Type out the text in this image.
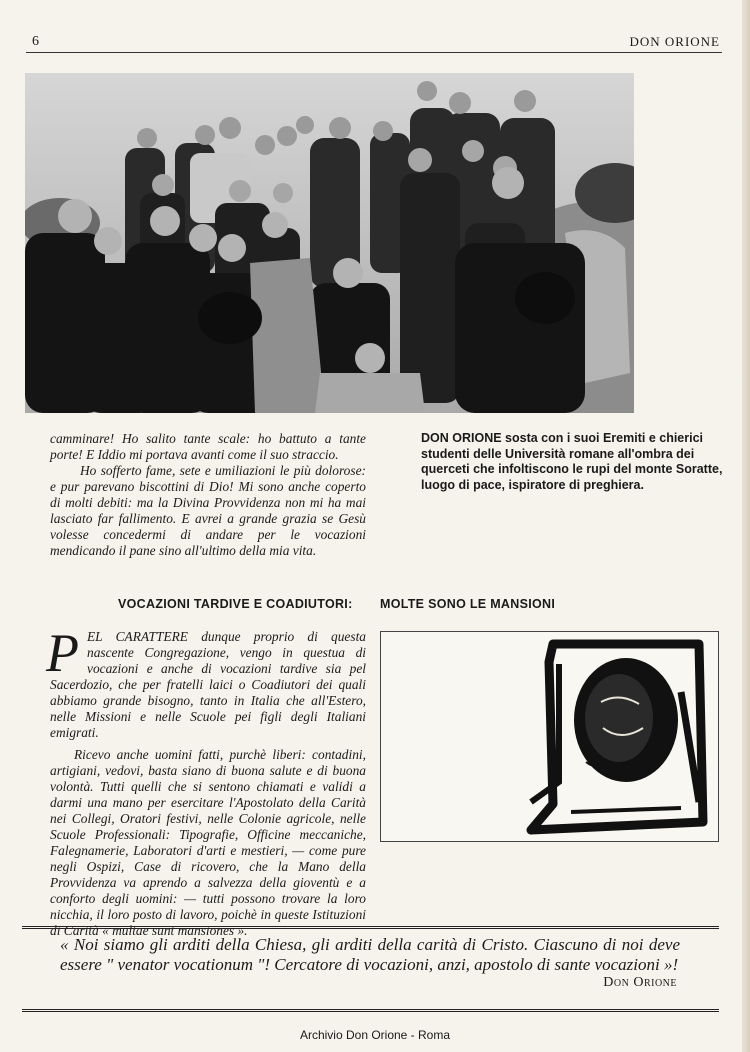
6	DON ORIONE

camminare! Ho salito tante scale: ho battuto a tante porte! E Iddio mi portava avanti come il suo straccio.

Ho sofferto fame, sete e umiliazioni le più dolorose: e pur parevano biscottini di Dio! Mi sono anche coperto di molti debiti: ma la Divina Provvidenza non mi ha mai lasciato far fallimento. E avrei a grande grazia se Gesù volesse concedermi di andare per le vocazioni mendicando il pane sino all'ultimo della mia vita.

DON ORIONE sosta con i suoi Eremiti e chierici studenti delle Università romane all'ombra dei querceti che infoltiscono le rupi del monte Soratte, luogo di pace, ispiratore di preghiera.
VOCAZIONI TARDIVE E COADIUTORI: MOLTE SONO LE MANSIONI

PEL CARATTERE dunque proprio di questa nascente Congregazione, vengo in questua di vocazioni e anche di vocazioni tardive sia pel Sacerdozio, che per fratelli laici o Coadiutori dei quali abbiamo grande bisogno, tanto in Italia che all'Estero, nelle Missioni e nelle Scuole pei figli degli Italiani emigrati.

Ricevo anche uomini fatti, purchè liberi: contadini, artigiani, vedovi, basta siano di buona salute e di buona volontà. Tutti quelli che si sentono chiamati e validi a darmi una mano per esercitare l'Apostolato della Carità nei Collegi, Oratori festivi, nelle Colonie agricole, nelle Scuole Professionali: Tipografie, Officine meccaniche, Falegnamerie, Laboratori d'arti e mestieri, — come pure negli Ospizi, Case di ricovero, che la Mano della Provvidenza va aprendo a salvezza della gioventù e a conforto degli uomini: — tutti possono trovare la loro nicchia, il loro posto di lavoro, poichè in queste Istituzioni di Carità « multae sunt mansiones ».

« Noi siamo gli arditi della Chiesa, gli arditi della carità di Cristo. Ciascuno di noi deve essere " venator vocationum "! Cercatore di vocazioni, anzi, apostolo di sante vocazioni »!

Don Orione
Archivio Don Orione - Roma
